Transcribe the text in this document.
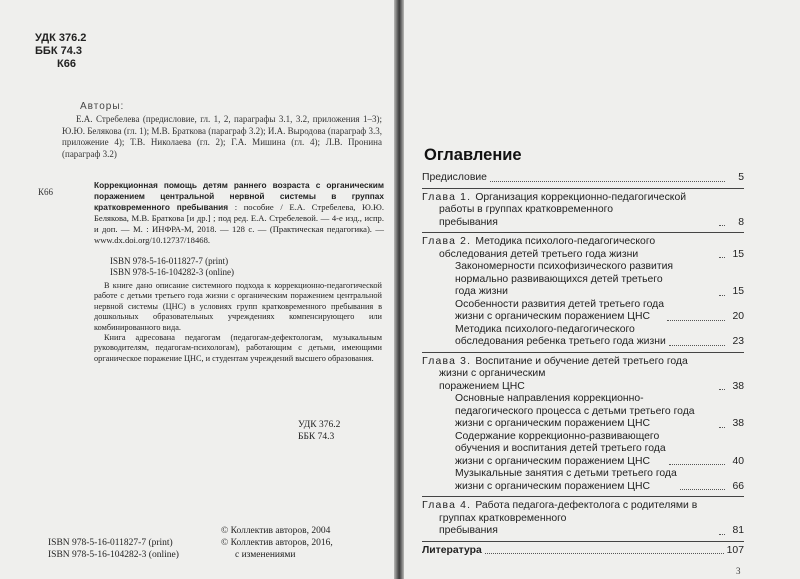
УДК 376.2
ББК 74.3
К66
Авторы:
Е.А. Стребелева (предисловие, гл. 1, 2, параграфы 3.1, 3.2, приложения 1–3); Ю.Ю. Белякова (гл. 1); М.В. Браткова (параграф 3.2); И.А. Выродова (параграф 3.3, приложение 4); Т.В. Николаева (гл. 2); Г.А. Мишина (гл. 4); Л.В. Пронина (параграф 3.2)
К66
Коррекционная помощь детям раннего возраста с органическим поражением центральной нервной системы в группах кратковременного пребывания : пособие / Е.А. Стребелева, Ю.Ю. Белякова, М.В. Браткова [и др.] ; под ред. Е.А. Стребелевой. — 4-е изд., испр. и доп. — М. : ИНФРА-М, 2018. — 128 с. — (Практическая педагогика). — www.dx.doi.org/10.12737/18468.
ISBN 978-5-16-011827-7 (print)
ISBN 978-5-16-104282-3 (online)

В книге дано описание системного подхода к коррекционно-педагогической работе с детьми третьего года жизни с органическим поражением центральной нервной системы (ЦНС) в условиях групп кратковременного пребывания в дошкольных образовательных учреждениях компенсирующего или комбинированного вида.

Книга адресована педагогам (педагогам-дефектологам, музыкальным руководителям, педагогам-психологам), работающим с детьми, имеющими органическое поражение ЦНС, и студентам учреждений высшего образования.

УДК 376.2
ББК 74.3
ISBN 978-5-16-011827-7 (print)
ISBN 978-5-16-104282-3 (online)
© Коллектив авторов, 2004
© Коллектив авторов, 2016,
с изменениями
Оглавление
Предисловие	5
Глава 1. Организация коррекционно-педагогической работы в группах кратковременного
пребывания	8
Глава 2. Методика психолого-педагогического обследования детей третьего года жизни	15
Закономерности психофизического развития нормально развивающихся детей третьего
года жизни	15
Особенности развития детей третьего года
жизни с органическим поражением ЦНС	20
Методика психолого-педагогического
обследования ребенка третьего года жизни	23
Глава 3. Воспитание и обучение детей третьего года жизни с органическим
поражением ЦНС	38
Основные направления коррекционно-педагогического процесса с детьми третьего года
жизни с органическим поражением ЦНС	38
Содержание коррекционно-развивающего
обучения и воспитания детей третьего года
жизни с органическим поражением ЦНС	40
Музыкальные занятия с детьми третьего года
жизни с органическим поражением ЦНС	66
Глава 4. Работа педагога-дефектолога с родителями в группах кратковременного
пребывания	81
Литература	107
3
